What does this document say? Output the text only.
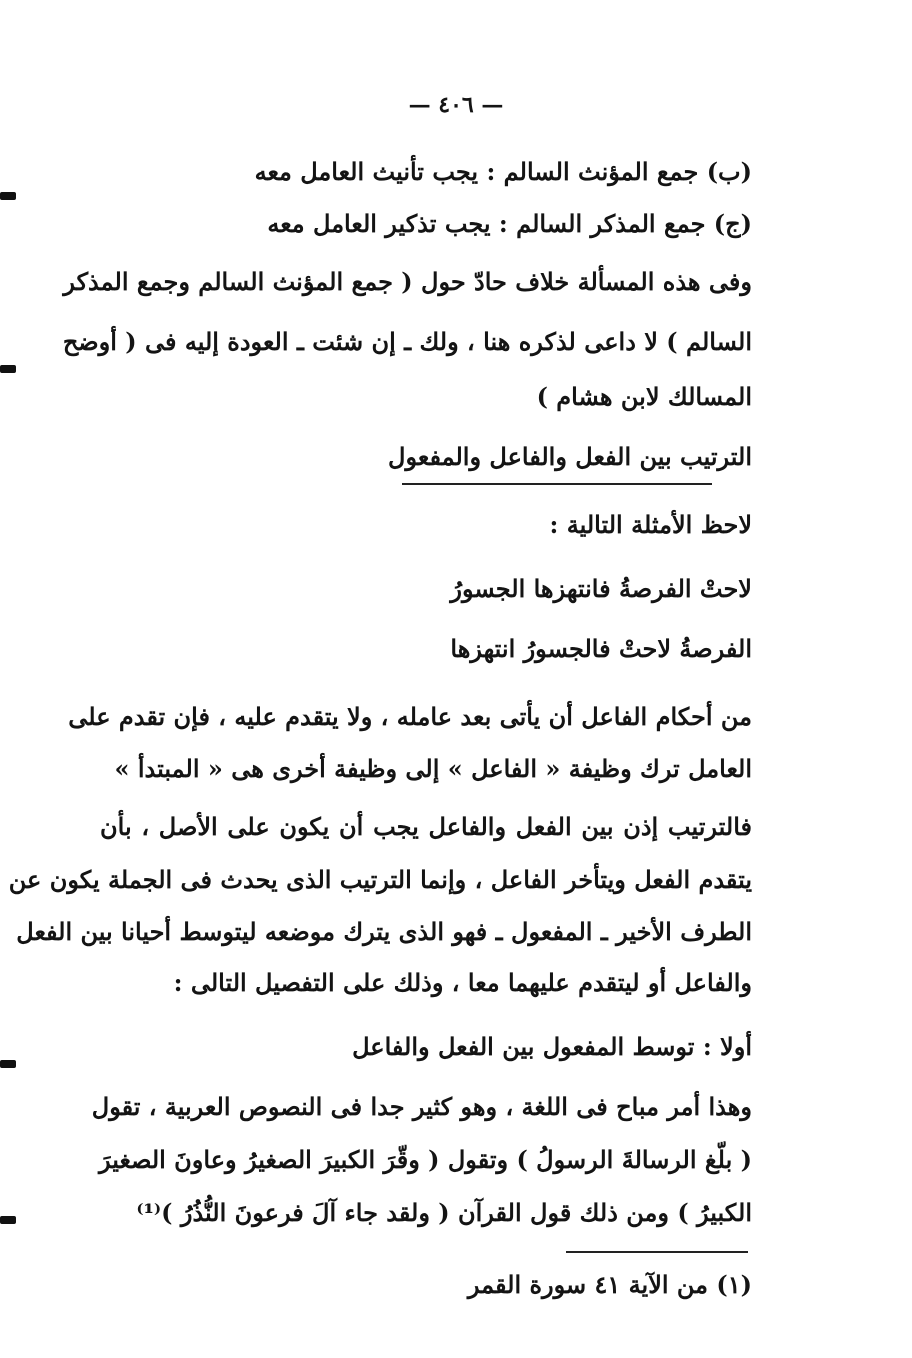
— ٤٠٦ —
(ب) جمع المؤنث السالم : يجب تأنيث العامل معه
(ج) جمع المذكر السالم : يجب تذكير العامل معه
وفى هذه المسألة خلاف حادّ حول ( جمع المؤنث السالم وجمع المذكر
السالم ) لا داعى لذكره هنا ، ولك ـ إن شئت ـ العودة إليه فى ( أوضح
المسالك لابن هشام )
الترتيب بين الفعل والفاعل والمفعول
لاحظ الأمثلة التالية :
لاحتْ الفرصةُ فانتهزها الجسورُ
الفرصةُ لاحتْ فالجسورُ انتهزها
من أحكام الفاعل أن يأتى بعد عامله ، ولا يتقدم عليه ، فإن تقدم على
العامل ترك وظيفة « الفاعل » إلى وظيفة أخرى هى « المبتدأ »
فالترتيب إذن بين الفعل والفاعل يجب أن يكون على الأصل ، بأن
يتقدم الفعل ويتأخر الفاعل ، وإنما الترتيب الذى يحدث فى الجملة يكون عن
الطرف الأخير ـ المفعول ـ فهو الذى يترك موضعه ليتوسط أحيانا بين الفعل
والفاعل أو ليتقدم عليهما معا ، وذلك على التفصيل التالى :
أولا : توسط المفعول بين الفعل والفاعل
وهذا أمر مباح فى اللغة ، وهو كثير جدا فى النصوص العربية ، تقول
( بلّغ الرسالةَ الرسولُ ) وتقول ( وقّرَ الكبيرَ الصغيرُ وعاونَ الصغيرَ
الكبيرُ ) ومن ذلك قول القرآن ( ولقد جاء آلَ فرعونَ النُّذُرُ )⁽¹⁾
(١) من الآية ٤١ سورة القمر
